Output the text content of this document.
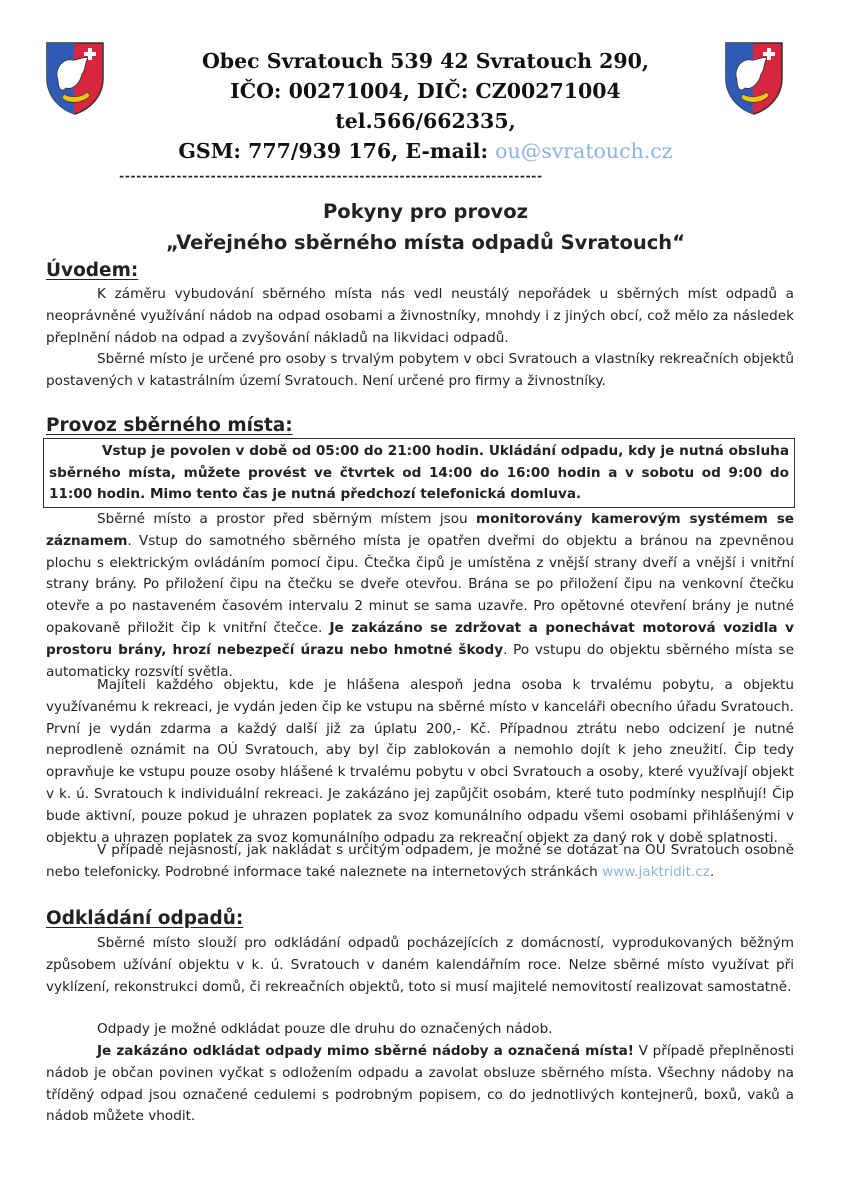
Obec Svratouch 539 42 Svratouch 290,
IČO: 00271004, DIČ: CZ00271004
tel.566/662335,
GSM: 777/939 176, E-mail: ou@svratouch.cz
--------------------------------------------------------------------------
Pokyny pro provoz
„Veřejného sběrného místa odpadů Svratouch“
Úvodem:

K záměru vybudování sběrného místa nás vedl neustálý nepořádek u sběrných míst odpadů a neoprávněné využívání nádob na odpad osobami a živnostníky, mnohdy i z jiných obcí, což mělo za následek přeplnění nádob na odpad a zvyšování nákladů na likvidaci odpadů.

Sběrné místo je určené pro osoby s trvalým pobytem v obci Svratouch a vlastníky rekreačních objektů postavených v katastrálním území Svratouch. Není určené pro firmy a živnostníky.

Provoz sběrného místa:

Vstup je povolen v době od 05:00 do 21:00 hodin. Ukládání odpadu, kdy je nutná obsluha sběrného místa, můžete provést ve čtvrtek od 14:00 do 16:00 hodin a v sobotu od 9:00 do 11:00 hodin. Mimo tento čas je nutná předchozí telefonická domluva.

Sběrné místo a prostor před sběrným místem jsou monitorovány kamerovým systémem se záznamem. Vstup do samotného sběrného místa je opatřen dveřmi do objektu a bránou na zpevněnou plochu s elektrickým ovládáním pomocí čipu. Čtečka čipů je umístěna z vnější strany dveří a vnější i vnitřní strany brány. Po přiložení čipu na čtečku se dveře otevřou. Brána se po přiložení čipu na venkovní čtečku otevře a po nastaveném časovém intervalu 2 minut se sama uzavře. Pro opětovné otevření brány je nutné opakovaně přiložit čip k vnitřní čtečce. Je zakázáno se zdržovat a ponechávat motorová vozidla v prostoru brány, hrozí nebezpečí úrazu nebo hmotné škody. Po vstupu do objektu sběrného místa se automaticky rozsvítí světla.

Majiteli každého objektu, kde je hlášena alespoň jedna osoba k trvalému pobytu, a objektu využívanému k rekreaci, je vydán jeden čip ke vstupu na sběrné místo v kanceláři obecního úřadu Svratouch. První je vydán zdarma a každý další již za úplatu 200,- Kč. Případnou ztrátu nebo odcizení je nutné neprodleně oznámit na OÚ Svratouch, aby byl čip zablokován a nemohlo dojít k jeho zneužití. Čip tedy opravňuje ke vstupu pouze osoby hlášené k trvalému pobytu v obci Svratouch a osoby, které využívají objekt v k. ú. Svratouch k individuální rekreaci. Je zakázáno jej zapůjčit osobám, které tuto podmínky nesplňují! Čip bude aktivní, pouze pokud je uhrazen poplatek za svoz komunálního odpadu všemi osobami přihlášenými v objektu a uhrazen poplatek za svoz komunálního odpadu za rekreační objekt za daný rok v době splatnosti.

V případě nejasností, jak nakládat s určitým odpadem, je možné se dotázat na OÚ Svratouch osobně nebo telefonicky. Podrobné informace také naleznete na internetových stránkách www.jaktridit.cz.

Odkládání odpadů:

Sběrné místo slouží pro odkládání odpadů pocházejících z domácností, vyprodukovaných běžným způsobem užívání objektu v k. ú. Svratouch v daném kalendářním roce. Nelze sběrné místo využívat při vyklízení, rekonstrukci domů, či rekreačních objektů, toto si musí majitelé nemovitostí realizovat samostatně.

Odpady je možné odkládat pouze dle druhu do označených nádob.

Je zakázáno odkládat odpady mimo sběrné nádoby a označená místa! V případě přeplněnosti nádob je občan povinen vyčkat s odložením odpadu a zavolat obsluze sběrného místa. Všechny nádoby na tříděný odpad jsou označené cedulemi s podrobným popisem, co do jednotlivých kontejnerů, boxů, vaků a nádob můžete vhodit.
